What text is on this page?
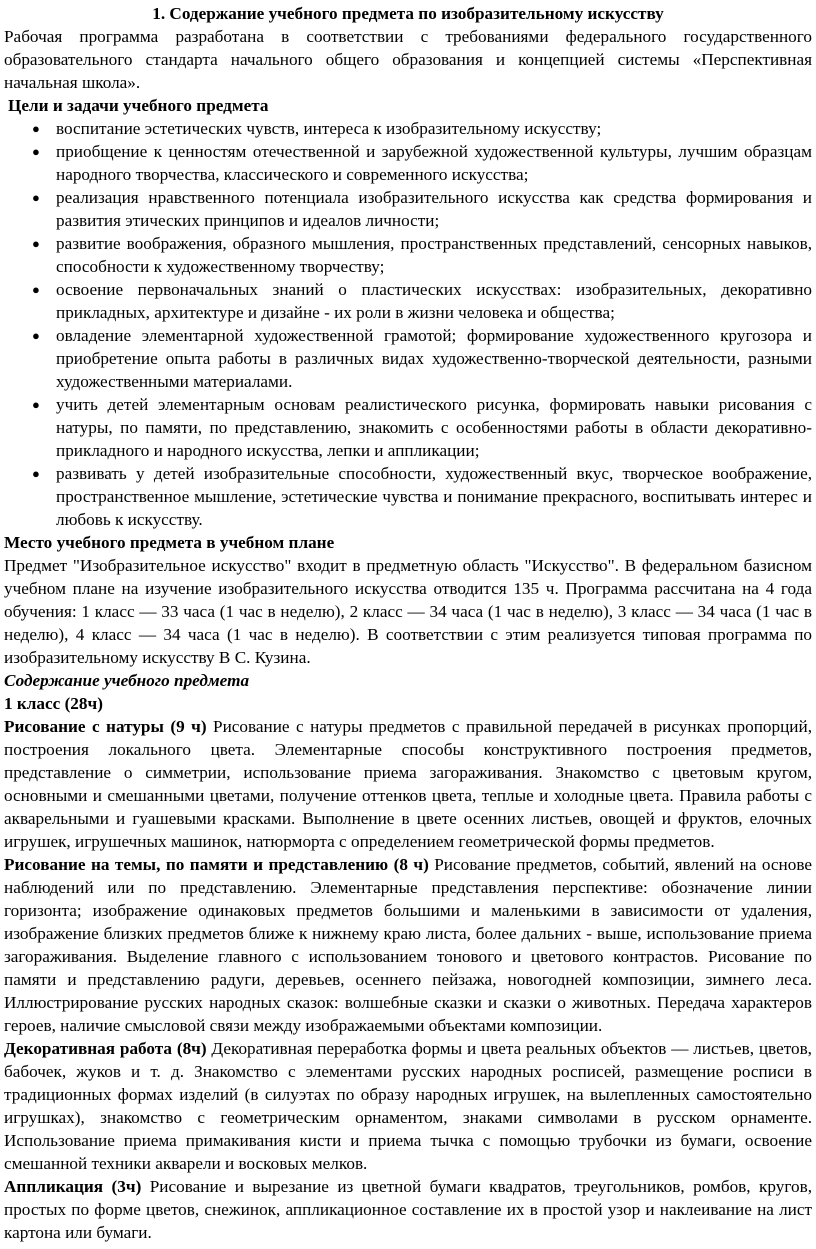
1. Содержание учебного предмета по изобразительному искусству

Рабочая программа разработана в соответствии с требованиями федерального государственного образовательного стандарта начального общего образования и концепцией системы «Перспективная начальная школа».

Цели и задачи учебного предмета
● воспитание эстетических чувств, интереса к изобразительному искусству;
● приобщение к ценностям отечественной и зарубежной художественной культуры, лучшим образцам народного творчества, классического и современного искусства;
● реализация нравственного потенциала изобразительного искусства как средства формирования и развития этических принципов и идеалов личности;
● развитие воображения, образного мышления, пространственных представлений, сенсорных навыков, способности к художественному творчеству;
● освоение первоначальных знаний о пластических искусствах: изобразительных, декоративно прикладных, архитектуре и дизайне - их роли в жизни человека и общества;
● овладение элементарной художественной грамотой; формирование художественного кругозора и приобретение опыта работы в различных видах художественно-творческой деятельности, разными художественными материалами.
● учить детей элементарным основам реалистического рисунка, формировать навыки рисования с натуры, по памяти, по представлению, знакомить с особенностями работы в области декоративно-прикладного и народного искусства, лепки и аппликации;
● развивать у детей изобразительные способности, художественный вкус, творческое воображение, пространственное мышление, эстетические чувства и понимание прекрасного, воспитывать интерес и любовь к искусству.
Место учебного предмета в учебном плане

Предмет "Изобразительное искусство" входит в предметную область "Искусство". В федеральном базисном учебном плане на изучение изобразительного искусства отводится 135 ч. Программа рассчитана на 4 года обучения: 1 класс — 33 часа (1 час в неделю), 2 класс — 34 часа (1 час в неделю), 3 класс — 34 часа (1 час в неделю), 4 класс — 34 часа (1 час в неделю). В соответствии с этим реализуется типовая программа по изобразительному искусству В С. Кузина.

Содержание учебного предмета
1 класс (28ч)

Рисование с натуры (9 ч) Рисование с натуры предметов с правильной передачей в рисунках пропорций, построения локального цвета. Элементарные способы конструктивного построения предметов, представление о симметрии, использование приема загораживания. Знакомство с цветовым кругом, основными и смешанными цветами, получение оттенков цвета, теплые и холодные цвета. Правила работы с акварельными и гуашевыми красками. Выполнение в цвете осенних листьев, овощей и фруктов, елочных игрушек, игрушечных машинок, натюрморта с определением геометрической формы предметов.

Рисование на темы, по памяти и представлению (8 ч) Рисование предметов, событий, явлений на основе наблюдений или по представлению. Элементарные представления перспективе: обозначение линии горизонта; изображение одинаковых предметов большими и маленькими в зависимости от удаления, изображение близких предметов ближе к нижнему краю листа, более дальних - выше, использование приема загораживания. Выделение главного с использованием тонового и цветового контрастов. Рисование по памяти и представлению радуги, деревьев, осеннего пейзажа, новогодней композиции, зимнего леса. Иллюстрирование русских народных сказок: волшебные сказки и сказки о животных. Передача характеров героев, наличие смысловой связи между изображаемыми объектами композиции.

Декоративная работа (8ч) Декоративная переработка формы и цвета реальных объектов — листьев, цветов, бабочек, жуков и т. д. Знакомство с элементами русских народных росписей, размещение росписи в традиционных формах изделий (в силуэтах по образу народных игрушек, на вылепленных самостоятельно игрушках), знакомство с геометрическим орнаментом, знаками символами в русском орнаменте. Использование приема примакивания кисти и приема тычка с помощью трубочки из бумаги, освоение смешанной техники акварели и восковых мелков.

Аппликация (3ч) Рисование и вырезание из цветной бумаги квадратов, треугольников, ромбов, кругов, простых по форме цветов, снежинок, аппликационное составление их в простой узор и наклеивание на лист картона или бумаги.
